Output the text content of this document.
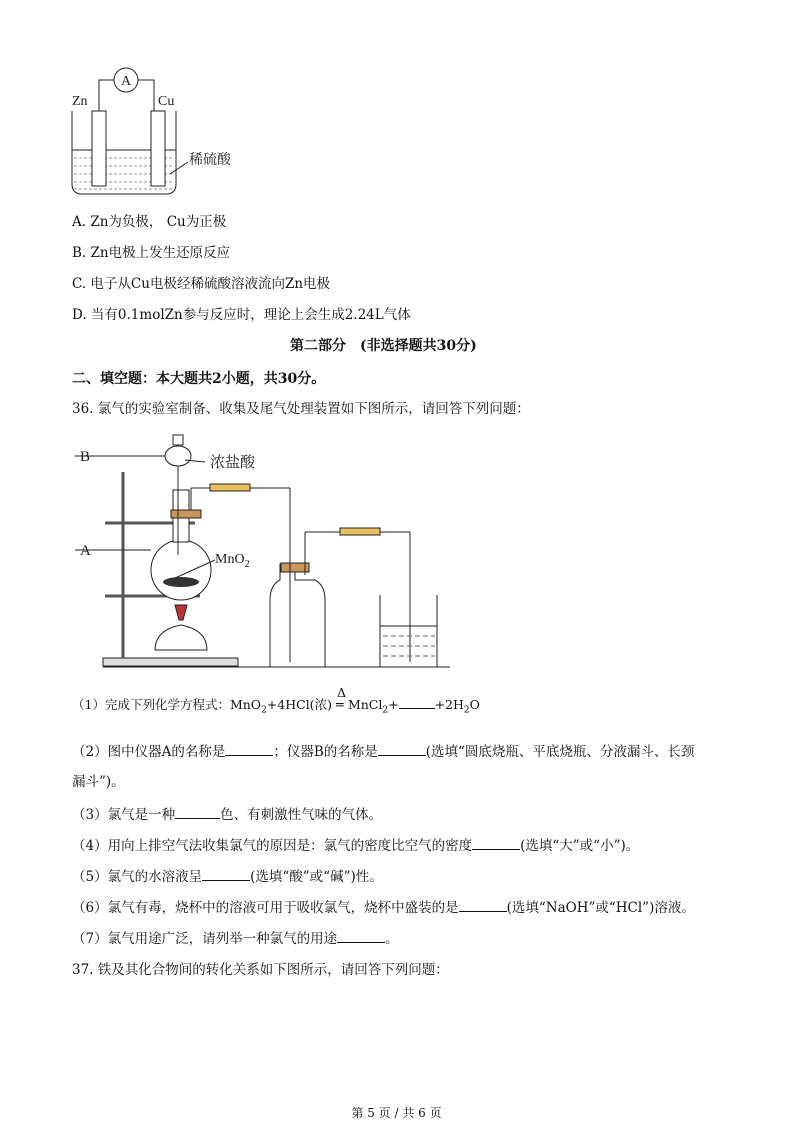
A
Zn	Cu
稀硫酸
A. Zn为负极， Cu为正极
B. Zn电极上发生还原反应
C. 电子从Cu电极经稀硫酸溶液流向Zn电极
D. 当有0.1molZn参与反应时，理论上会生成2.24L气体
第二部分　(非选择题共30分)
二、填空题：本大题共2小题，共30分。
36. 氯气的实验室制备、收集及尾气处理装置如下图所示，请回答下列问题：
B	浓盐酸
A
MnO$_2$
（1）完成下列化学方程式：MnO$_2$+4HCl(浓)
Δ
═ MnCl$_2$+	$+2H_2O$
（2）图中仪器A的名称是	；仪器B的名称是	(选填“圆底烧瓶、平底烧瓶、分液漏斗、长颈
漏斗”)。
（3）氯气是一种	色、有刺激性气味的气体。
（4）用向上排空气法收集氯气的原因是：氯气的密度比空气的密度	(选填“大”或“小”)。
（5）氯气的水溶液呈	(选填“酸”或“碱”)性。
（6）氯气有毒，烧杯中的溶液可用于吸收氯气，烧杯中盛装的是	(选填“NaOH”或“HCl”)溶液。
（7）氯气用途广泛，请列举一种氯气的用途	。
37. 铁及其化合物间的转化关系如下图所示，请回答下列问题：
第 5 页 / 共 6 页
